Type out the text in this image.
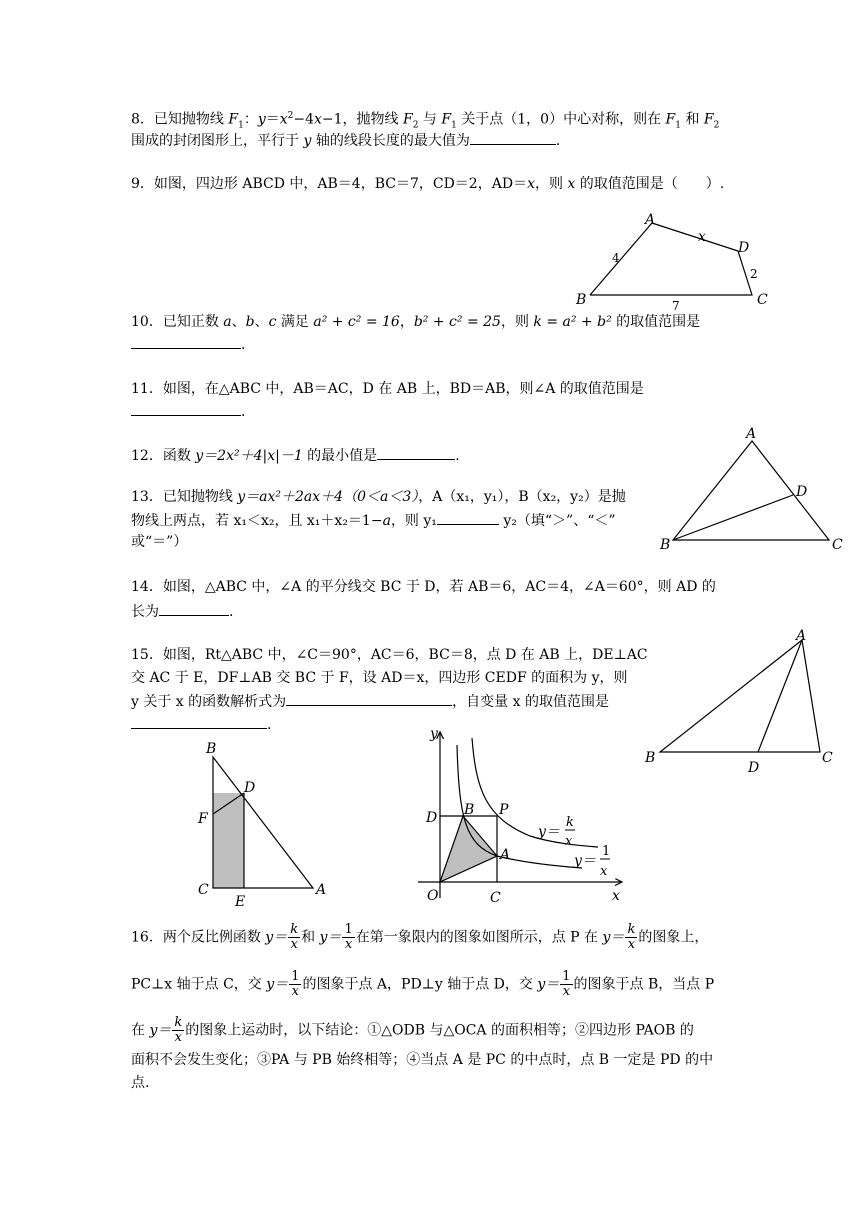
8．已知抛物线 $F_1$：$y=x^2-4x-1$，抛物线 $F_2$ 与 $F_1$ 关于点（1，0）中心对称，则在 $F_1$ 和 $F_2$
围成的封闭图形上，平行于 y 轴的线段长度的最大值为	.
9．如图，四边形 ABCD 中，AB＝4，BC＝7，CD＝2，AD＝x，则 x 的取值范围是（　　）.
A
B	C
D
x
4
2
7
10．已知正数 a、b、c 满足 a² + c² = 16，b² + c² = 25，则 k = a² + b² 的取值范围是
.
11．如图，在△ABC 中，AB＝AC，D 在 AB 上，BD＝AB，则∠A 的取值范围是
.
A
B	C
D
12．函数 y＝2x²＋4|x|－1 的最小值是	.
13．已知抛物线 y＝ax²＋2ax＋4（0＜a＜3），A（x₁，y₁），B（x₂，y₂）是抛
物线上两点，若 x₁＜x₂，且 x₁＋x₂＝1−a，则 y₁	y₂（填“＞”、“＜”
或“＝”）
14．如图，△ABC 中，∠A 的平分线交 BC 于 D，若 AB＝6，AC＝4，∠A＝60°，则 AD 的
长为	.
A
B	C
D
15．如图，Rt△ABC 中，∠C＝90°，AC＝6，BC＝8，点 D 在 AB 上，DE⊥AC
交 AC 于 E，DF⊥AB 交 BC 于 F，设 AD＝x，四边形 CEDF 的面积为 y，则
y 关于 x 的函数解析式为	，自变量 x 的取值范围是
.
B
D
F
C
E
A
y
x
D B P
A
O	C
y＝
k
x
y＝
1
x
16．两个反比例函数 $y= \frac{k}{x}$ 和 $y= \frac{1}{x}$ 在第一象限内的图象如图所示，点 P 在 $y= \frac{k}{x}$ 的图象上，
PC⊥x 轴于点 C，交 $y= \frac{1}{x}$ 的图象于点 A，PD⊥y 轴于点 D，交 $y= \frac{1}{x}$ 的图象于点 B，当点 P
在 $y= \frac{k}{x}$ 的图象上运动时，以下结论：①△ODB 与△OCA 的面积相等；②四边形 PAOB 的
面积不会发生变化；③PA 与 PB 始终相等；④当点 A 是 PC 的中点时，点 B 一定是 PD 的中
点.
